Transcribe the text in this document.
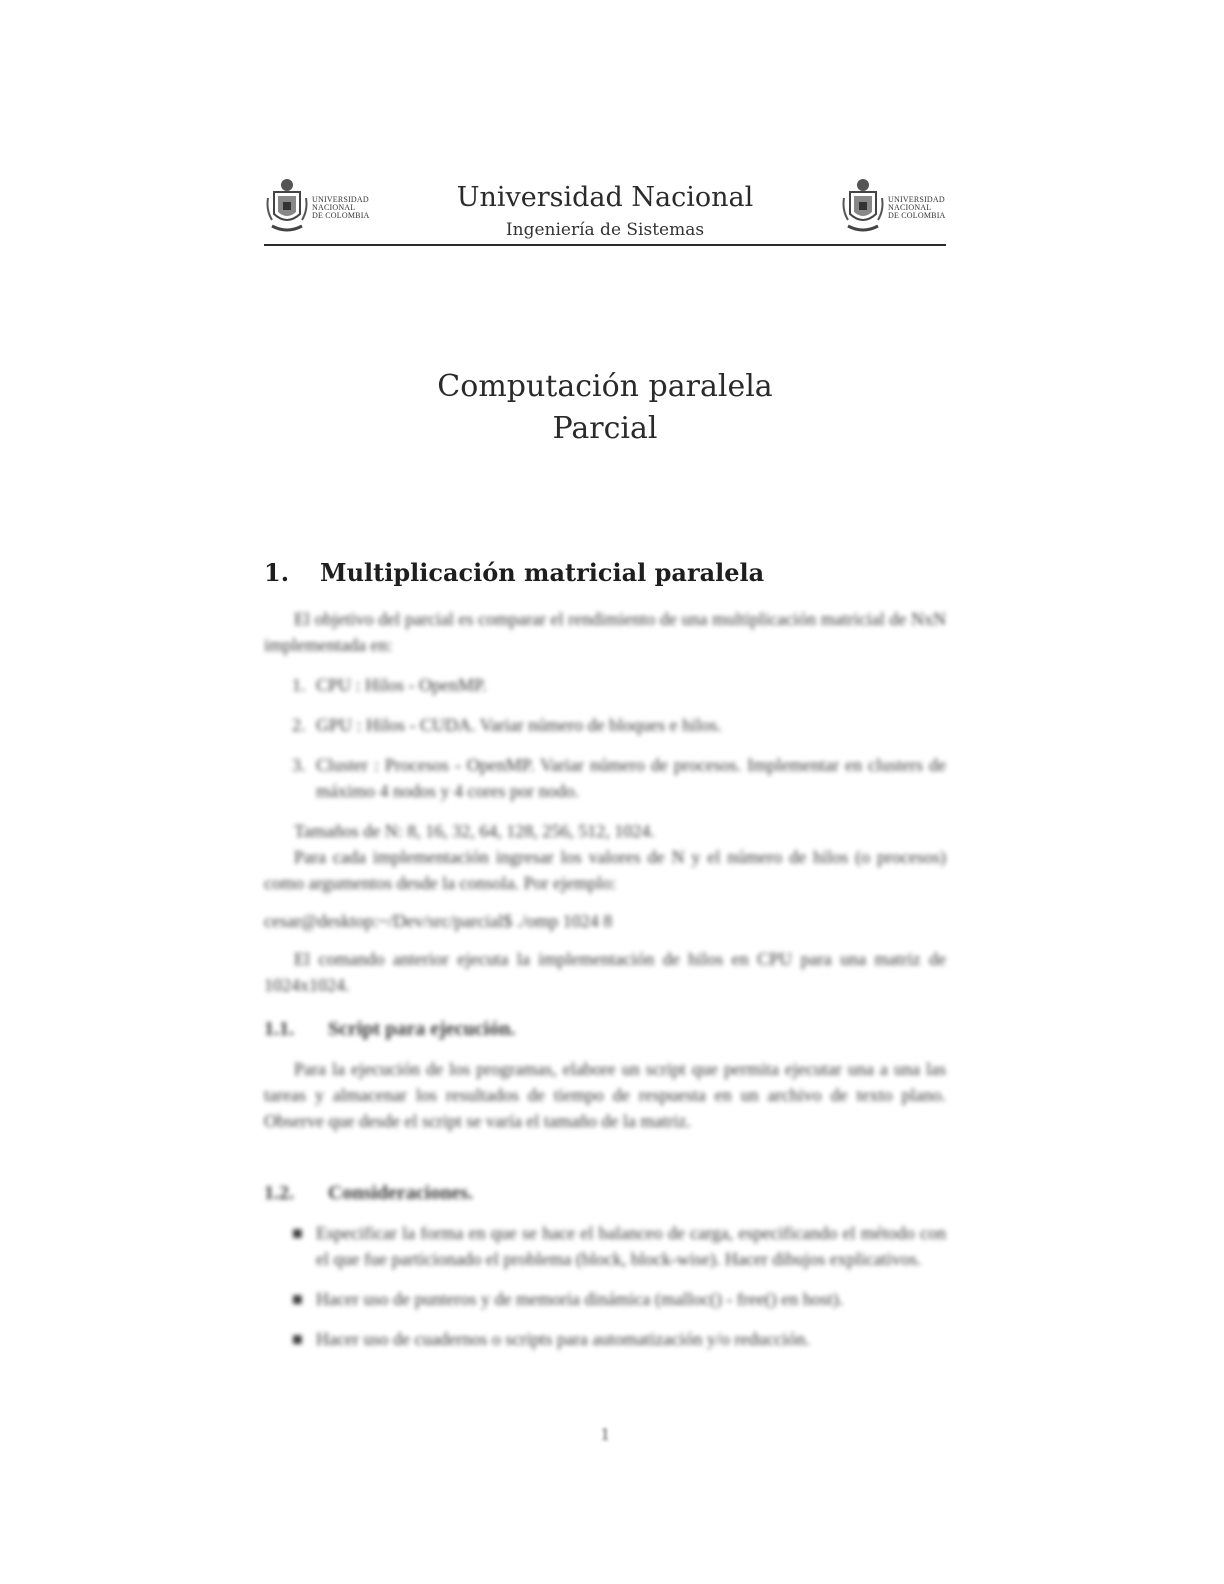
UNIVERSIDAD
NACIONAL
DE COLOMBIA
Universidad Nacional
Ingeniería de Sistemas
UNIVERSIDAD
NACIONAL
DE COLOMBIA
Computación paralela
Parcial
1. Multiplicación matricial paralela

El objetivo del parcial es comparar el rendimiento de una multiplicación matricial de NxN implementada en:

1. CPU : Hilos - OpenMP.

2. GPU : Hilos - CUDA. Variar número de bloques e hilos.

3. Cluster : Procesos - OpenMP. Variar número de procesos. Implementar en clusters de máximo 4 nodos y 4 cores por nodo.

Tamaños de N: 8, 16, 32, 64, 128, 256, 512, 1024.

Para cada implementación ingresar los valores de N y el número de hilos (o procesos) como argumentos desde la consola. Por ejemplo:

cesar@desktop:~/Dev/src/parcial$ ./omp 1024 8

El comando anterior ejecuta la implementación de hilos en CPU para una matriz de 1024x1024.

1.1. Script para ejecución.

Para la ejecución de los programas, elabore un script que permita ejecutar una a una las tareas y almacenar los resultados de tiempo de respuesta en un archivo de texto plano. Observe que desde el script se varía el tamaño de la matriz.

1.2. Consideraciones.

■ Especificar la forma en que se hace el balanceo de carga, especificando el método con el que fue particionado el problema (block, block-wise). Hacer dibujos explicativos.

■ Hacer uso de punteros y de memoria dinámica (malloc() - free() en host).

■ Hacer uso de cuadernos o scripts para automatización y/o reducción.

1
